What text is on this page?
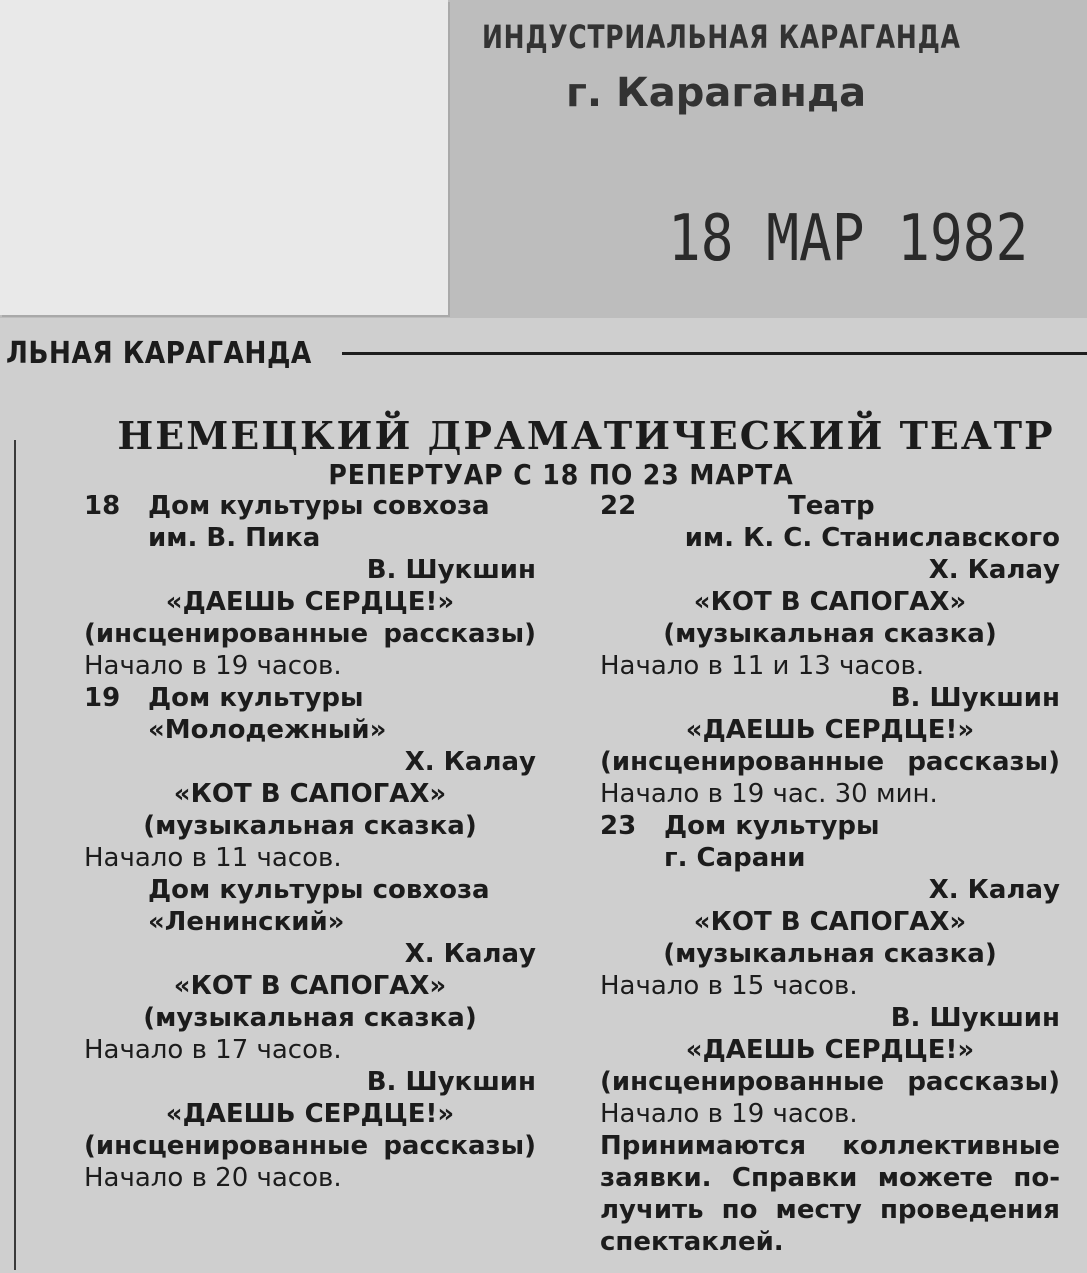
ИНДУСТРИАЛЬНАЯ КАРАГАНДА
г. Караганда
18 МАР 1982
ЛЬНАЯ КАРАГАНДА
НЕМЕЦКИЙ ДРАМАТИЧЕСКИЙ ТЕАТР
РЕПЕРТУАР С 18 ПО 23 МАРТА
18 Дом культуры совхоза
им. В. Пика
В. Шукшин
«ДАЕШЬ СЕРДЦЕ!»
(инсценированные рассказы)
Начало в 19 часов.
19 Дом культуры
«Молодежный»
Х. Калау
«КОТ В САПОГАХ»
(музыкальная сказка)
Начало в 11 часов.
Дом культуры совхоза
«Ленинский»
Х. Калау
«КОТ В САПОГАХ»
(музыкальная сказка)
Начало в 17 часов.
В. Шукшин
«ДАЕШЬ СЕРДЦЕ!»
(инсценированные рассказы)
Начало в 20 часов.
22	Театр
им. К. С. Станиславского
Х. Калау
«КОТ В САПОГАХ»
(музыкальная сказка)
Начало в 11 и 13 часов.
В. Шукшин
«ДАЕШЬ СЕРДЦЕ!»
(инсценированные рассказы)
Начало в 19 час. 30 мин.
23 Дом культуры
г. Сарани
Х. Калау
«КОТ В САПОГАХ»
(музыкальная сказка)
Начало в 15 часов.
В. Шукшин
«ДАЕШЬ СЕРДЦЕ!»
(инсценированные рассказы)
Начало в 19 часов.
Принимаются коллективные
заявки. Справки можете по-
лучить по месту проведения
спектаклей.
